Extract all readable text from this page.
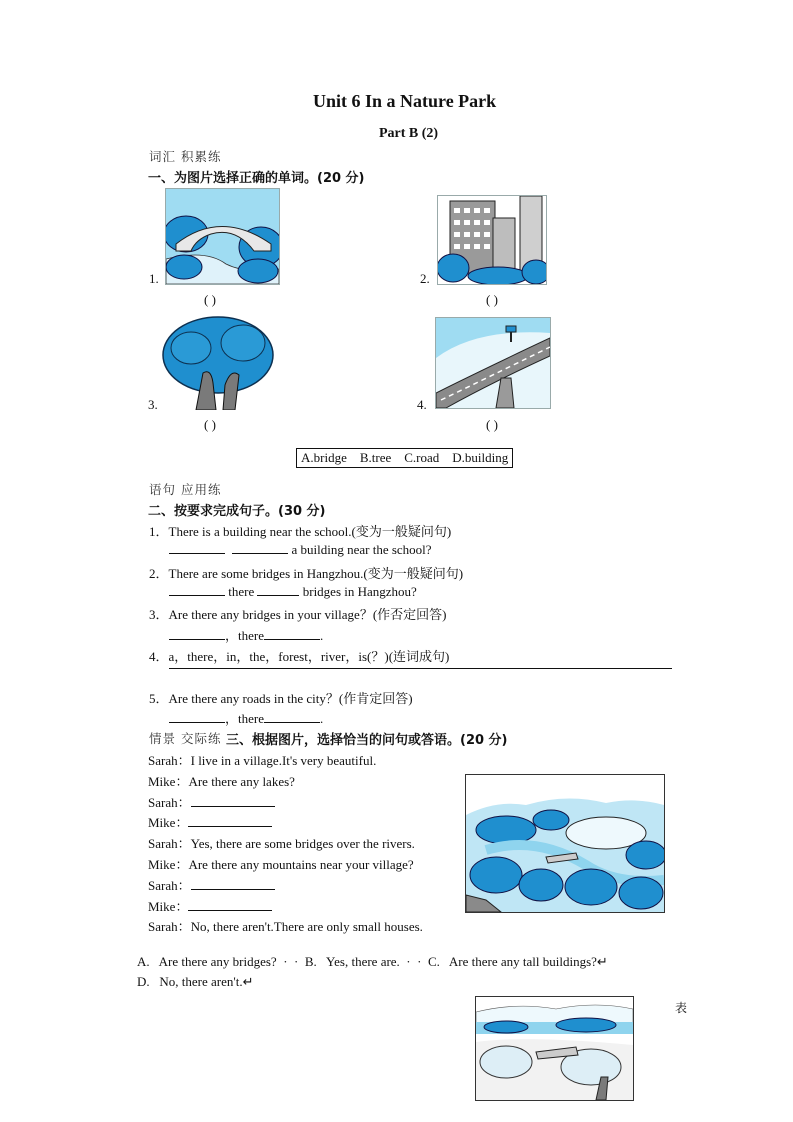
Unit 6 In a Nature Park
Part B (2)
词汇 积累练
一、为图片选择正确的单词。(20 分)
1.
( )
2.
( )
3.
( )
4.
( )
A.bridge    B.tree    C.road    D.building
语句 应用练
二、按要求完成句子。(30 分)
1．There is a building near the school.(变为一般疑问句)
a building near the school?
2．There are some bridges in Hangzhou.(变为一般疑问句)
there	bridges in Hangzhou?
3．Are there any bridges in your village？(作否定回答)
，there	.
4．a，there，in，the，forest，river，is(？)(连词成句)
5．Are there any roads in the city？(作肯定回答)
，there	.
情景 交际练 三、根据图片，选择恰当的问句或答语。(20 分)
Sarah：I live in a village.It's very beautiful.
Mike：Are there any lakes?
Sarah：
Mike：
Sarah：Yes, there are some bridges over the rivers.
Mike：Are there any mountains near your village?
Sarah：
Mike：
Sarah：No, there aren't.There are only small houses.
A.   Are there any bridges?  ·  ·  B.   Yes, there are.  ·  ·  C.   Are there any tall buildings?↵
D.   No, there aren't.↵
表
